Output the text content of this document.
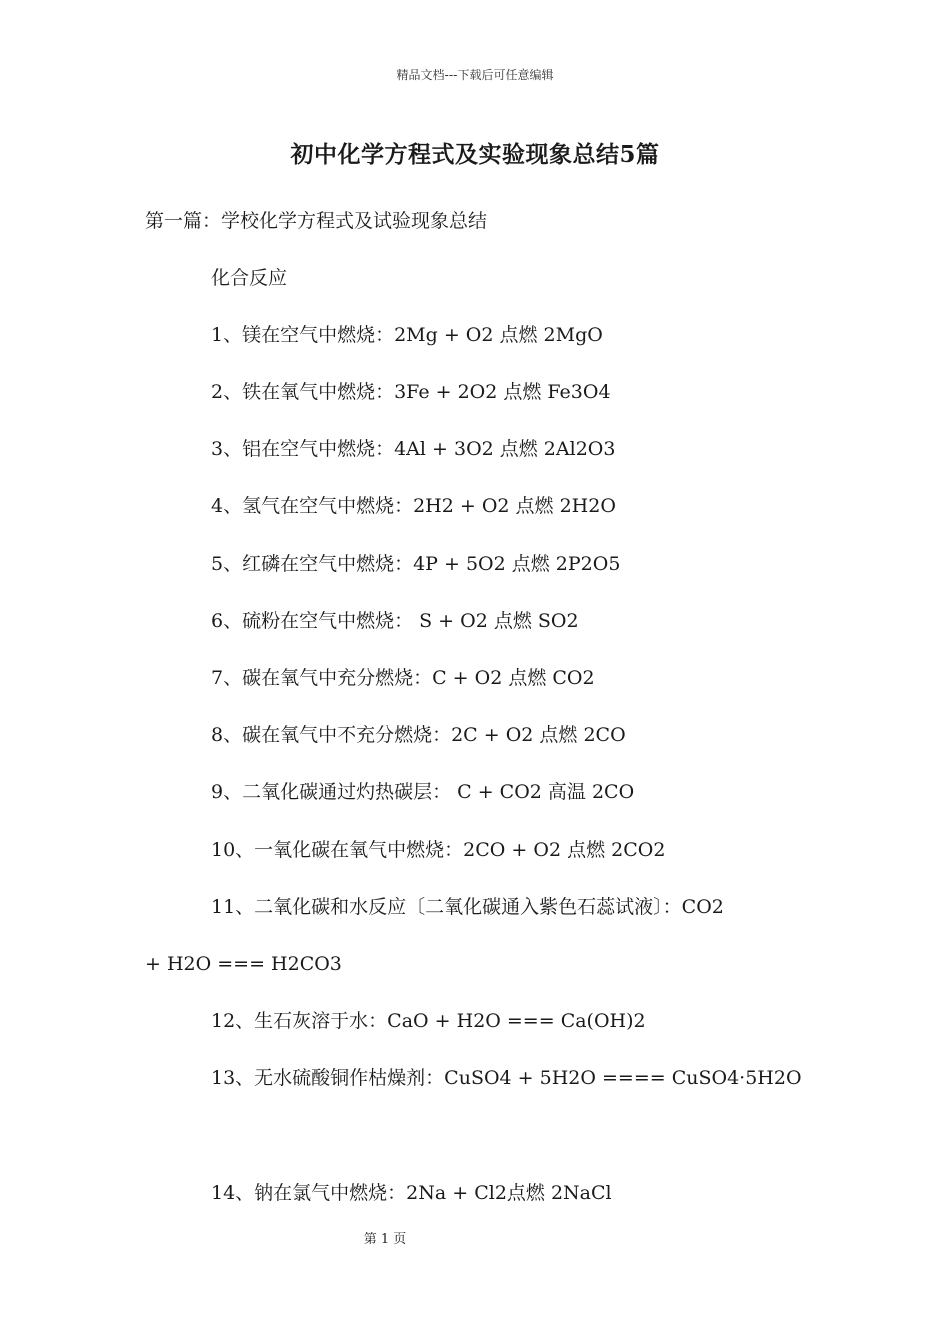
精品文档---下载后可任意编辑
初中化学方程式及实验现象总结5篇
第一篇：学校化学方程式及试验现象总结
化合反应
1、镁在空气中燃烧：2Mg + O2 点燃 2MgO
2、铁在氧气中燃烧：3Fe + 2O2 点燃 Fe3O4
3、铝在空气中燃烧：4Al + 3O2 点燃 2Al2O3
4、氢气在空气中燃烧：2H2 + O2 点燃 2H2O
5、红磷在空气中燃烧：4P + 5O2 点燃 2P2O5
6、硫粉在空气中燃烧： S + O2 点燃 SO2
7、碳在氧气中充分燃烧：C + O2 点燃 CO2
8、碳在氧气中不充分燃烧：2C + O2 点燃 2CO
9、二氧化碳通过灼热碳层： C + CO2 高温 2CO
10、一氧化碳在氧气中燃烧：2CO + O2 点燃 2CO2
11、二氧化碳和水反应〔二氧化碳通入紫色石蕊试液〕：CO2
+ H2O === H2CO3
12、生石灰溶于水：CaO + H2O === Ca(OH)2
13、无水硫酸铜作枯燥剂：CuSO4 + 5H2O ==== CuSO4·5H2O
14、钠在氯气中燃烧：2Na + Cl2点燃 2NaCl
第 1 页
